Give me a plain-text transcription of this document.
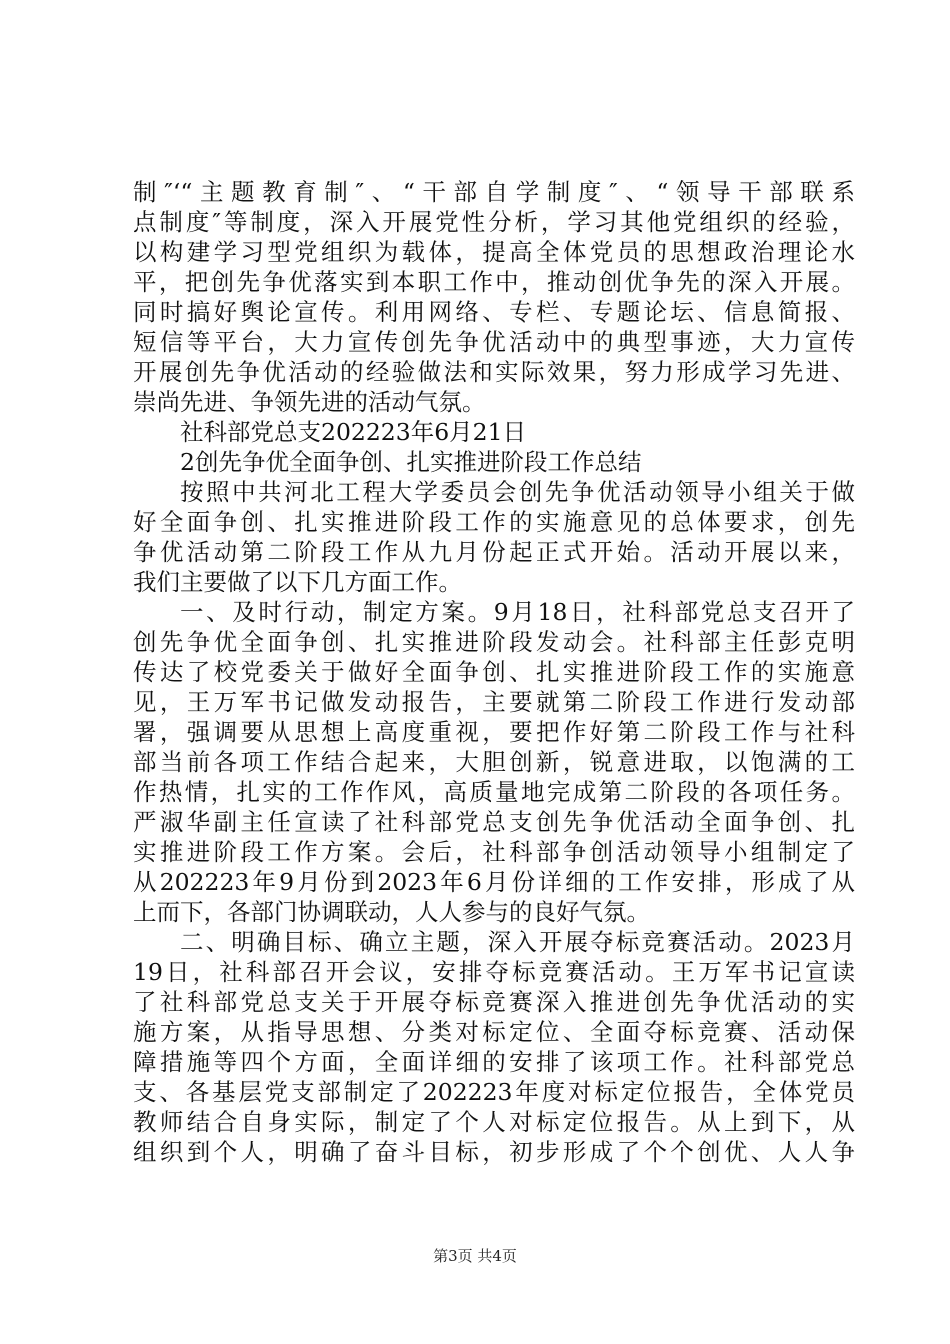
制″‘“主题教育制″、“干部自学制度″、“领导干部联系
点制度″等制度，深入开展党性分析，学习其他党组织的经验，
以构建学习型党组织为载体，提高全体党员的思想政治理论水
平，把创先争优落实到本职工作中，推动创优争先的深入开展。
同时搞好舆论宣传。利用网络、专栏、专题论坛、信息简报、
短信等平台，大力宣传创先争优活动中的典型事迹，大力宣传
开展创先争优活动的经验做法和实际效果，努力形成学习先进、
崇尚先进、争领先进的活动气氛。
社科部党总支202223年6月21日
2创先争优全面争创、扎实推进阶段工作总结
按照中共河北工程大学委员会创先争优活动领导小组关于做
好全面争创、扎实推进阶段工作的实施意见的总体要求，创先
争优活动第二阶段工作从九月份起正式开始。活动开展以来，
我们主要做了以下几方面工作。
一、及时行动，制定方案。9月18日，社科部党总支召开了
创先争优全面争创、扎实推进阶段发动会。社科部主任彭克明
传达了校党委关于做好全面争创、扎实推进阶段工作的实施意
见，王万军书记做发动报告，主要就第二阶段工作进行发动部
署，强调要从思想上高度重视，要把作好第二阶段工作与社科
部当前各项工作结合起来，大胆创新，锐意进取，以饱满的工
作热情，扎实的工作作风，高质量地完成第二阶段的各项任务。
严淑华副主任宣读了社科部党总支创先争优活动全面争创、扎
实推进阶段工作方案。会后，社科部争创活动领导小组制定了
从202223年9月份到2023年6月份详细的工作安排，形成了从
上而下，各部门协调联动，人人参与的良好气氛。
二、明确目标、确立主题，深入开展夺标竞赛活动。2023月
19日，社科部召开会议，安排夺标竞赛活动。王万军书记宣读
了社科部党总支关于开展夺标竞赛深入推进创先争优活动的实
施方案，从指导思想、分类对标定位、全面夺标竞赛、活动保
障措施等四个方面，全面详细的安排了该项工作。社科部党总
支、各基层党支部制定了202223年度对标定位报告，全体党员
教师结合自身实际，制定了个人对标定位报告。从上到下，从
组织到个人，明确了奋斗目标，初步形成了个个创优、人人争
第3页 共4页
